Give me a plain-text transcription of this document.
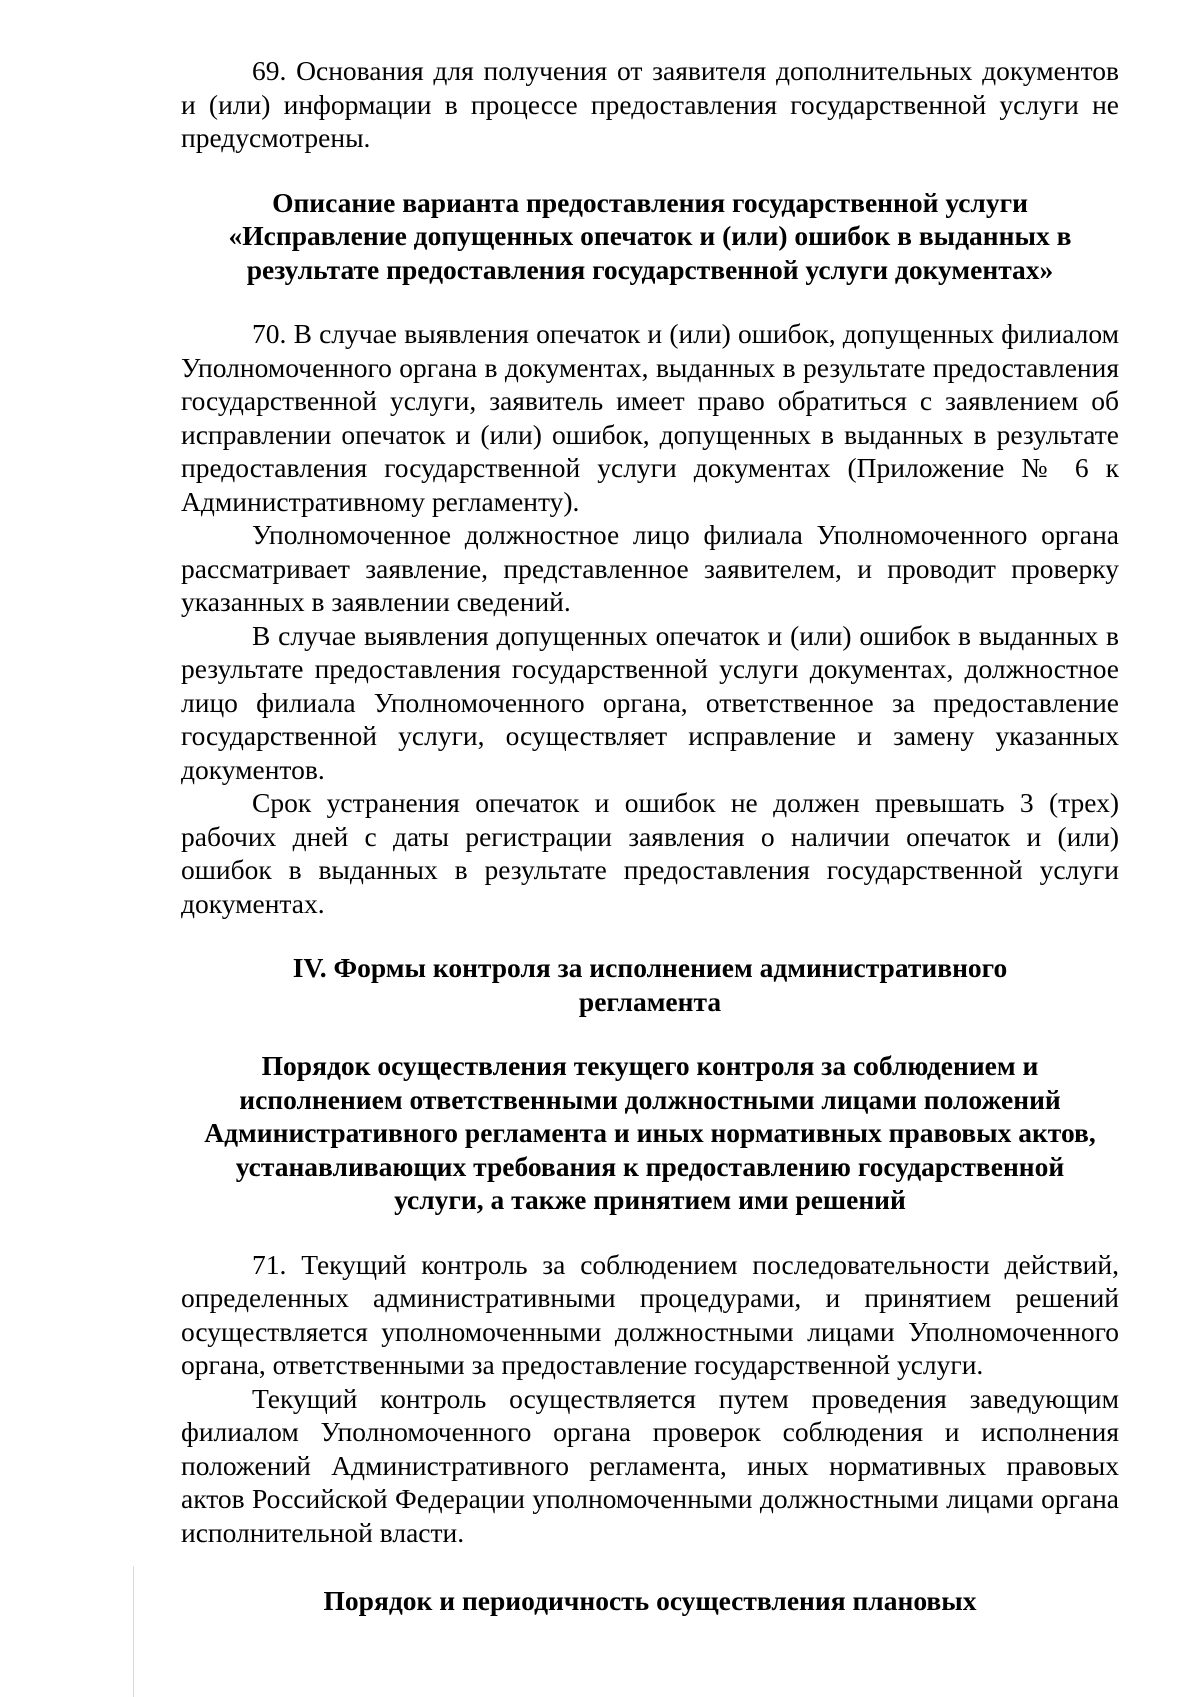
69. Основания для получения от заявителя дополнительных документов и (или) информации в процессе предоставления государственной услуги не предусмотрены.

Описание варианта предоставления государственной услуги
«Исправление допущенных опечаток и (или) ошибок в выданных в
результате предоставления государственной услуги документах»

70. В случае выявления опечаток и (или) ошибок, допущенных филиалом Уполномоченного органа в документах, выданных в результате предоставления государственной услуги, заявитель имеет право обратиться с заявлением об исправлении опечаток и (или) ошибок, допущенных в выданных в результате предоставления государственной услуги документах (Приложение № 6 к Административному регламенту).

Уполномоченное должностное лицо филиала Уполномоченного органа рассматривает заявление, представленное заявителем, и проводит проверку указанных в заявлении сведений.

В случае выявления допущенных опечаток и (или) ошибок в выданных в результате предоставления государственной услуги документах, должностное лицо филиала Уполномоченного органа, ответственное за предоставление государственной услуги, осуществляет исправление и замену указанных документов.

Срок устранения опечаток и ошибок не должен превышать 3 (трех) рабочих дней с даты регистрации заявления о наличии опечаток и (или) ошибок в выданных в результате предоставления государственной услуги документах.

IV. Формы контроля за исполнением административного
регламента
Порядок осуществления текущего контроля за соблюдением и
исполнением ответственными должностными лицами положений
Административного регламента и иных нормативных правовых актов,
устанавливающих требования к предоставлению государственной
услуги, а также принятием ими решений

71. Текущий контроль за соблюдением последовательности действий, определенных административными процедурами, и принятием решений осуществляется уполномоченными должностными лицами Уполномоченного органа, ответственными за предоставление государственной услуги.

Текущий контроль осуществляется путем проведения заведующим филиалом Уполномоченного органа проверок соблюдения и исполнения положений Административного регламента, иных нормативных правовых актов Российской Федерации уполномоченными должностными лицами органа исполнительной власти.

Порядок и периодичность осуществления плановых
